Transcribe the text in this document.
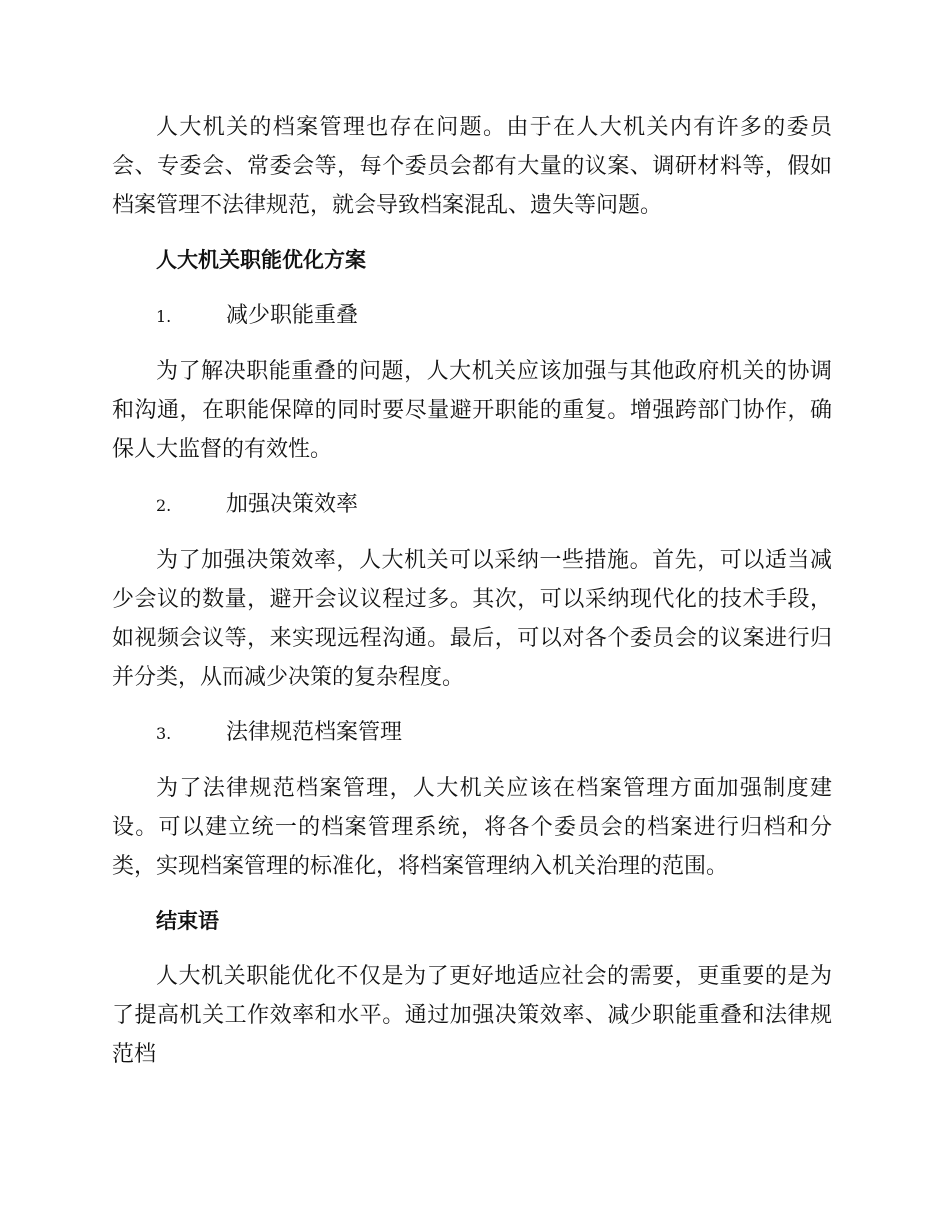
人大机关的档案管理也存在问题。由于在人大机关内有许多的委员会、专委会、常委会等，每个委员会都有大量的议案、调研材料等，假如档案管理不法律规范，就会导致档案混乱、遗失等问题。

人大机关职能优化方案
1.	减少职能重叠

为了解决职能重叠的问题，人大机关应该加强与其他政府机关的协调和沟通，在职能保障的同时要尽量避开职能的重复。增强跨部门协作，确保人大监督的有效性。

2.	加强决策效率

为了加强决策效率，人大机关可以采纳一些措施。首先，可以适当减少会议的数量，避开会议议程过多。其次，可以采纳现代化的技术手段，如视频会议等，来实现远程沟通。最后，可以对各个委员会的议案进行归并分类，从而减少决策的复杂程度。

3.	法律规范档案管理

为了法律规范档案管理，人大机关应该在档案管理方面加强制度建设。可以建立统一的档案管理系统，将各个委员会的档案进行归档和分类，实现档案管理的标准化，将档案管理纳入机关治理的范围。

结束语

人大机关职能优化不仅是为了更好地适应社会的需要，更重要的是为了提高机关工作效率和水平。通过加强决策效率、减少职能重叠和法律规范档
